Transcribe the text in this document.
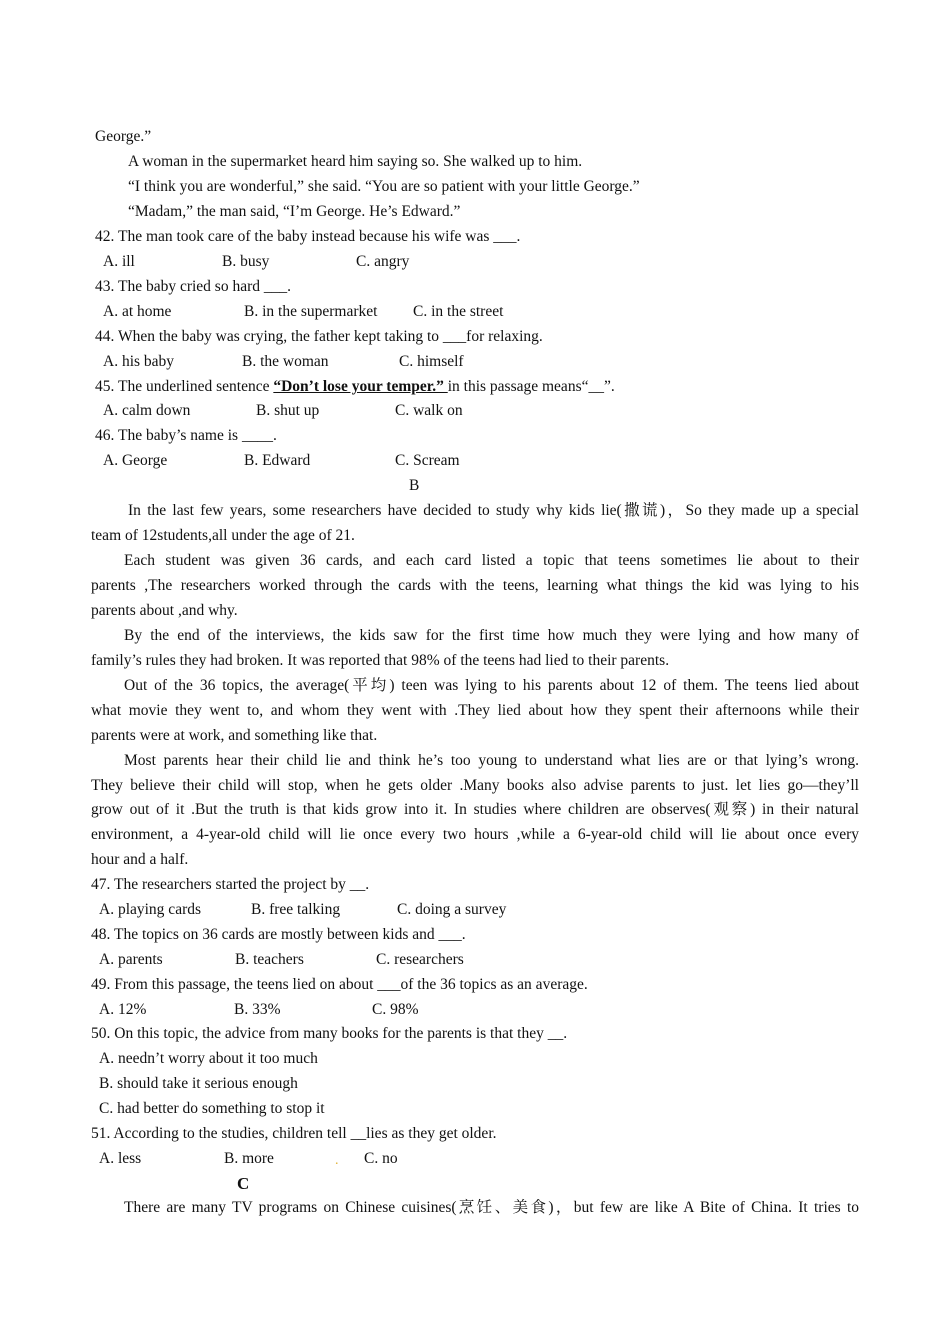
George.”
A woman in the supermarket heard him saying so. She walked up to him.
“I think you are wonderful,” she said. “You are so patient with your little George.”
“Madam,” the man said, “I’m George. He’s Edward.”
42. The man took care of the baby instead because his wife was ___.
A. ill	B. busy	C. angry
43. The baby cried so hard ___.
A. at home	B. in the supermarket C. in the street
44. When the baby was crying, the father kept taking to ___for relaxing.
A. his baby	B. the woman	C. himself
45. The underlined sentence “Don’t lose your temper.” in this passage means“__”.
A. calm down	B. shut up	C. walk on
46. The baby’s name is ____.
A. George	B. Edward	C. Scream
B
In the last few years, some researchers have decided to study why kids lie(撒谎)，So they made up a special
team of 12students,all under the age of 21.
Each student was given 36 cards, and each card listed a topic that teens sometimes lie about to their
parents ,The researchers worked through the cards with the teens, learning what things the kid was lying to his
parents about ,and why.
By the end of the interviews, the kids saw for the first time how much they were lying and how many of
family’s rules they had broken. It was reported that 98% of the teens had lied to their parents.
Out of the 36 topics, the average(平均) teen was lying to his parents about 12 of them. The teens lied about
what movie they went to, and whom they went with .They lied about how they spent their afternoons while their
parents were at work, and something like that.
Most parents hear their child lie and think he’s too young to understand what lies are or that lying’s wrong.
They believe their child will stop, when he gets older .Many books also advise parents to just. let lies go—they’ll
grow out of it .But the truth is that kids grow into it. In studies where children are observes(观察) in their natural
environment, a 4-year-old child will lie once every two hours ,while a 6-year-old child will lie about once every
hour and a half.
47. The researchers started the project by __.
A. playing cards	B. free talking	C. doing a survey
48. The topics on 36 cards are mostly between kids and ___.
A. parents	B. teachers	C. researchers
49. From this passage, the teens lied on about ___of the 36 topics as an average.
A. 12%	B. 33%	C. 98%
50. On this topic, the advice from many books for the parents is that they __.
A. needn’t worry about it too much
B. should take it serious enough
C. had better do something to stop it
51. According to the studies, children tell __lies as they get older.
A. less	B. more	C. no
.
C
There are many TV programs on Chinese cuisines(烹饪、美食)，but few are like A Bite of China. It tries to
